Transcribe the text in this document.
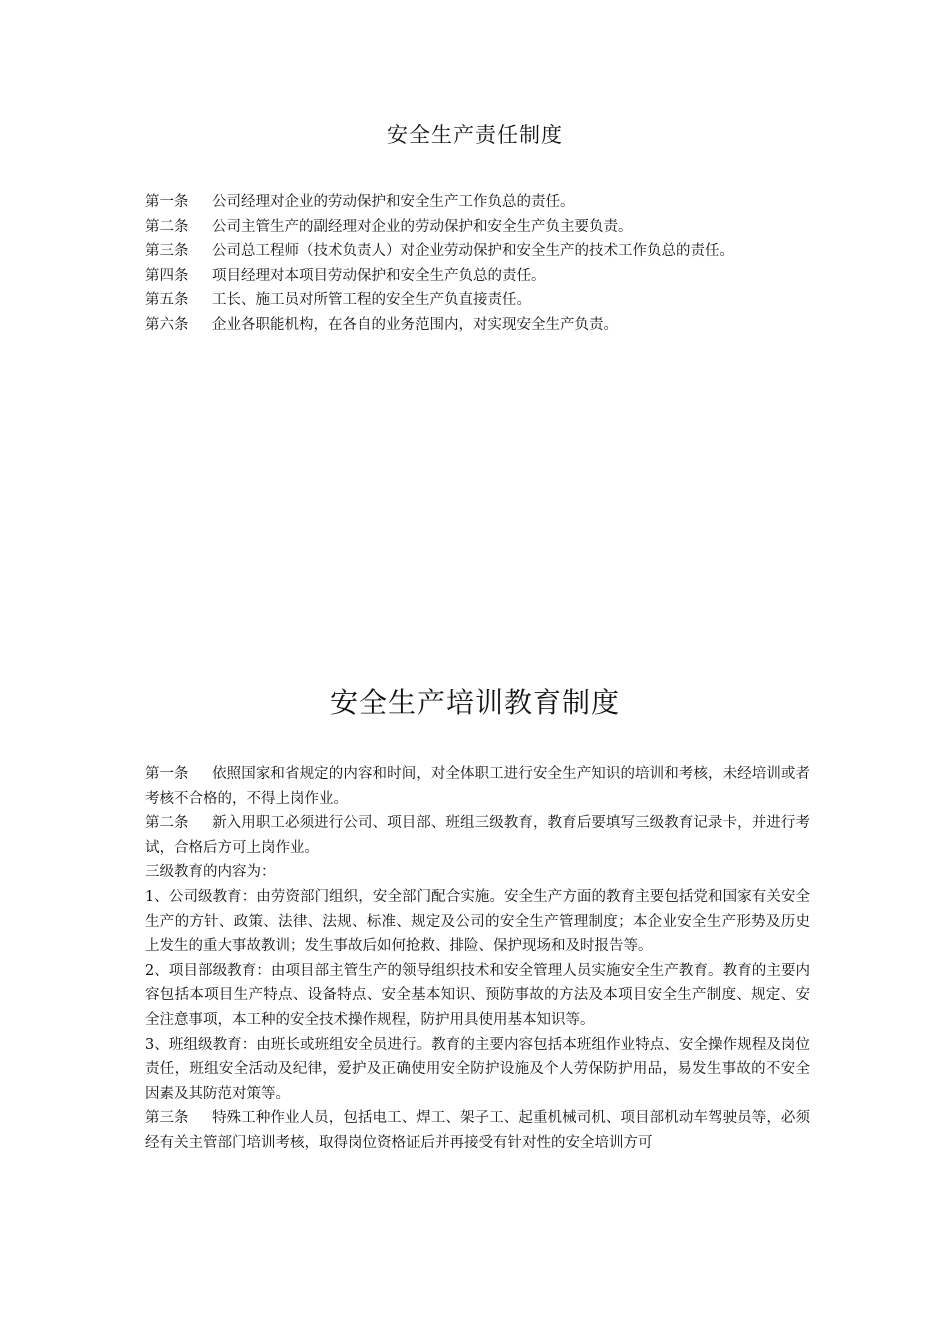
安全生产责任制度
第一条 公司经理对企业的劳动保护和安全生产工作负总的责任。
第二条 公司主管生产的副经理对企业的劳动保护和安全生产负主要负责。
第三条 公司总工程师（技术负责人）对企业劳动保护和安全生产的技术工作负总的责任。
第四条 项目经理对本项目劳动保护和安全生产负总的责任。
第五条 工长、施工员对所管工程的安全生产负直接责任。
第六条 企业各职能机构，在各自的业务范围内，对实现安全生产负责。
安全生产培训教育制度

第一条 依照国家和省规定的内容和时间，对全体职工进行安全生产知识的培训和考核，未经培训或者考核不合格的，不得上岗作业。

第二条 新入用职工必须进行公司、项目部、班组三级教育，教育后要填写三级教育记录卡，并进行考试，合格后方可上岗作业。

三级教育的内容为：

1、公司级教育：由劳资部门组织，安全部门配合实施。安全生产方面的教育主要包括党和国家有关安全生产的方针、政策、法律、法规、标准、规定及公司的安全生产管理制度；本企业安全生产形势及历史上发生的重大事故教训；发生事故后如何抢救、排险、保护现场和及时报告等。

2、项目部级教育：由项目部主管生产的领导组织技术和安全管理人员实施安全生产教育。教育的主要内容包括本项目生产特点、设备特点、安全基本知识、预防事故的方法及本项目安全生产制度、规定、安全注意事项，本工种的安全技术操作规程，防护用具使用基本知识等。

3、班组级教育：由班长或班组安全员进行。教育的主要内容包括本班组作业特点、安全操作规程及岗位责任，班组安全活动及纪律，爱护及正确使用安全防护设施及个人劳保防护用品，易发生事故的不安全因素及其防范对策等。

第三条 特殊工种作业人员，包括电工、焊工、架子工、起重机械司机、项目部机动车驾驶员等，必须经有关主管部门培训考核，取得岗位资格证后并再接受有针对性的安全培训方可
